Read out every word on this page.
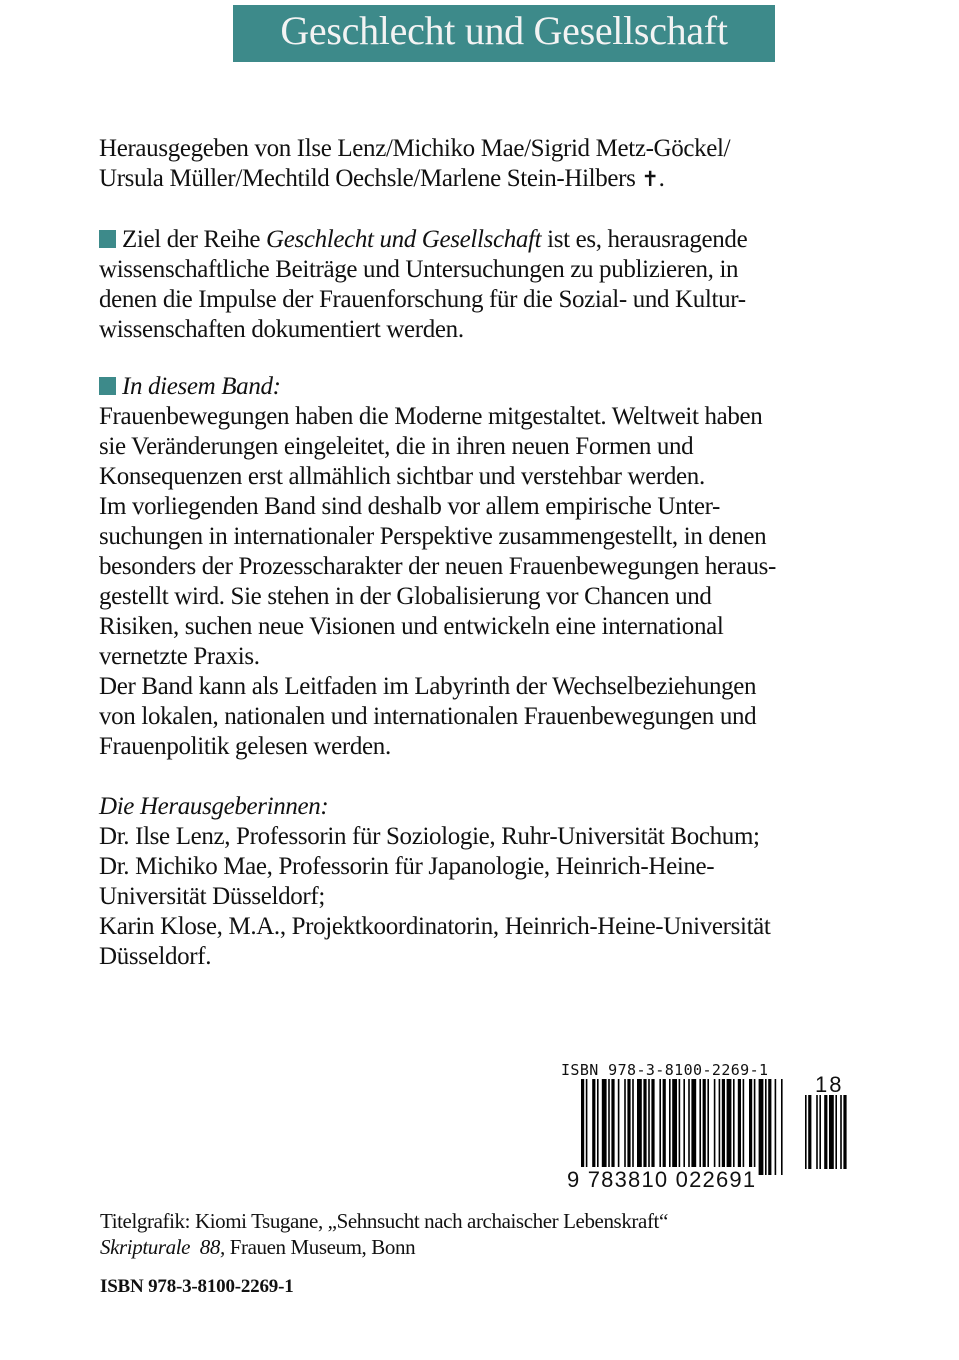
Geschlecht und Gesellschaft
Herausgegeben von Ilse Lenz/Michiko Mae/Sigrid Metz-Göckel/
Ursula Müller/Mechtild Oechsle/Marlene Stein-Hilbers ✝.
Ziel der Reihe Geschlecht und Gesellschaft ist es, herausragende
wissenschaftliche Beiträge und Untersuchungen zu publizieren, in
denen die Impulse der Frauenforschung für die Sozial- und Kultur-
wissenschaften dokumentiert werden.
In diesem Band:
Frauenbewegungen haben die Moderne mitgestaltet. Weltweit haben
sie Veränderungen eingeleitet, die in ihren neuen Formen und
Konsequenzen erst allmählich sichtbar und verstehbar werden.
Im vorliegenden Band sind deshalb vor allem empirische Unter-
suchungen in internationaler Perspektive zusammengestellt, in denen
besonders der Prozesscharakter der neuen Frauenbewegungen heraus-
gestellt wird. Sie stehen in der Globalisierung vor Chancen und
Risiken, suchen neue Visionen und entwickeln eine international
vernetzte Praxis.
Der Band kann als Leitfaden im Labyrinth der Wechselbeziehungen
von lokalen, nationalen und internationalen Frauenbewegungen und
Frauenpolitik gelesen werden.
Die Herausgeberinnen:
Dr. Ilse Lenz, Professorin für Soziologie, Ruhr-Universität Bochum;
Dr. Michiko Mae, Professorin für Japanologie, Heinrich-Heine-
Universität Düsseldorf;
Karin Klose, M.A., Projektkoordinatorin, Heinrich-Heine-Universität
Düsseldorf.
ISBN 978-3-8100-2269-1
18
9 783810 022691
Titelgrafik: Kiomi Tsugane, „Sehnsucht nach archaischer Lebenskraft“
Skripturale  88, Frauen Museum, Bonn
ISBN 978-3-8100-2269-1
